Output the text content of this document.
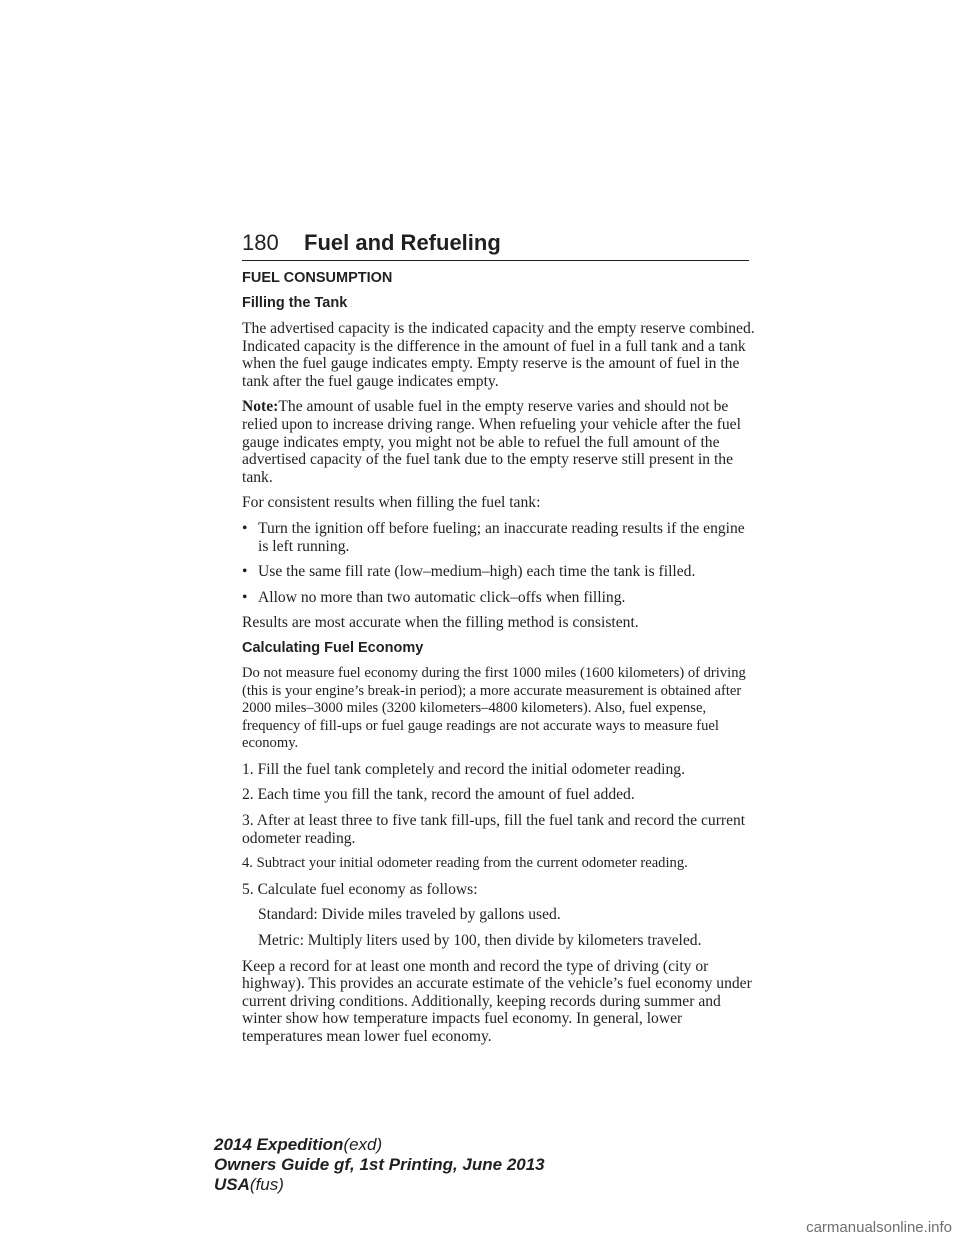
180 Fuel and Refueling

FUEL CONSUMPTION

Filling the Tank

The advertised capacity is the indicated capacity and the empty reserve combined. Indicated capacity is the difference in the amount of fuel in a full tank and a tank when the fuel gauge indicates empty. Empty reserve is the amount of fuel in the tank after the fuel gauge indicates empty.

Note:The amount of usable fuel in the empty reserve varies and should not be relied upon to increase driving range. When refueling your vehicle after the fuel gauge indicates empty, you might not be able to refuel the full amount of the advertised capacity of the fuel tank due to the empty reserve still present in the tank.

For consistent results when filling the fuel tank:

• Turn the ignition off before fueling; an inaccurate reading results if the engine is left running.
• Use the same fill rate (low–medium–high) each time the tank is filled.
• Allow no more than two automatic click–offs when filling.

Results are most accurate when the filling method is consistent.

Calculating Fuel Economy

Do not measure fuel economy during the first 1000 miles (1600 kilometers) of driving (this is your engine’s break-in period); a more accurate measurement is obtained after 2000 miles–3000 miles (3200 kilometers–4800 kilometers). Also, fuel expense, frequency of fill-ups or fuel gauge readings are not accurate ways to measure fuel economy.

1. Fill the fuel tank completely and record the initial odometer reading.

2. Each time you fill the tank, record the amount of fuel added.

3. After at least three to five tank fill-ups, fill the fuel tank and record the current odometer reading.

4. Subtract your initial odometer reading from the current odometer reading.

5. Calculate fuel economy as follows:

Standard: Divide miles traveled by gallons used.

Metric: Multiply liters used by 100, then divide by kilometers traveled.

Keep a record for at least one month and record the type of driving (city or highway). This provides an accurate estimate of the vehicle’s fuel economy under current driving conditions. Additionally, keeping records during summer and winter show how temperature impacts fuel economy. In general, lower temperatures mean lower fuel economy.

2014 Expedition(exd)
Owners Guide gf, 1st Printing, June 2013
USA(fus)
carmanualsonline.info
